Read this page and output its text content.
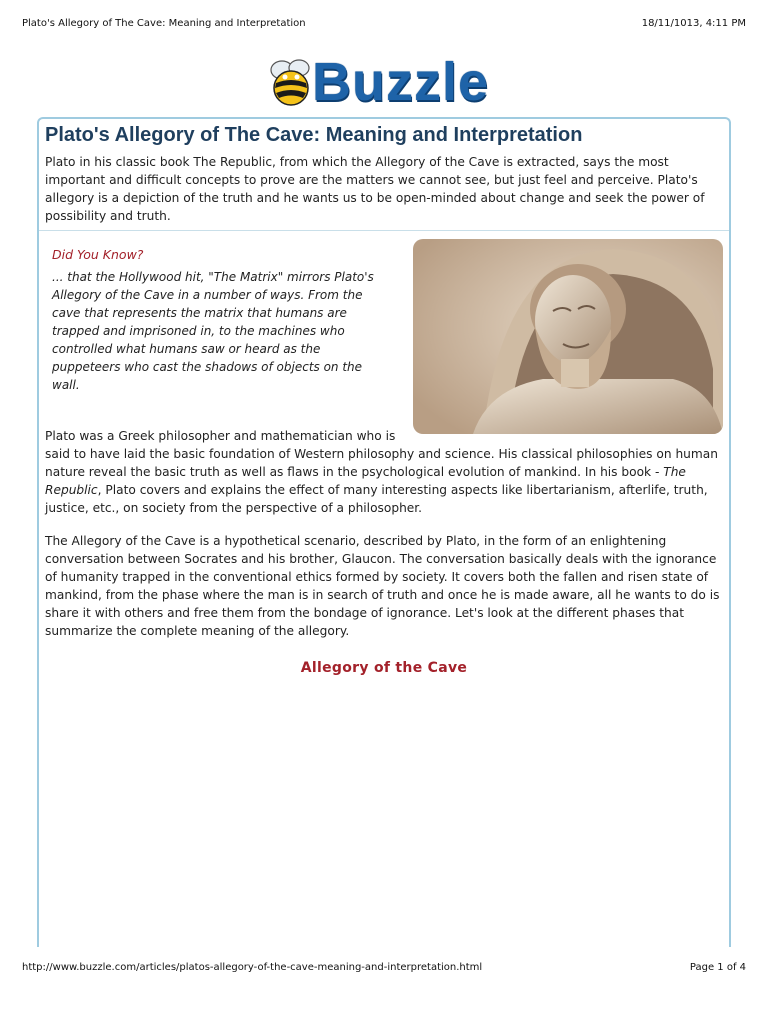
Plato's Allegory of The Cave: Meaning and Interpretation	18/11/1013, 4:11 PM
Buzzle
Plato's Allegory of The Cave: Meaning and Interpretation

Plato in his classic book The Republic, from which the Allegory of the Cave is extracted, says the most important and difficult concepts to prove are the matters we cannot see, but just feel and perceive. Plato's allegory is a depiction of the truth and he wants us to be open-minded about change and seek the power of possibility and truth.

Did You Know?

... that the Hollywood hit, "The Matrix" mirrors Plato's Allegory of the Cave in a number of ways. From the cave that represents the matrix that humans are trapped and imprisoned in, to the machines who controlled what humans saw or heard as the puppeteers who cast the shadows of objects on the wall.

Plato was a Greek philosopher and mathematician who is
said to have laid the basic foundation of Western philosophy and science. His classical philosophies on human nature reveal the basic truth as well as flaws in the psychological evolution of mankind. In his book - The Republic, Plato covers and explains the effect of many interesting aspects like libertarianism, afterlife, truth, justice, etc., on society from the perspective of a philosopher.

The Allegory of the Cave is a hypothetical scenario, described by Plato, in the form of an enlightening conversation between Socrates and his brother, Glaucon. The conversation basically deals with the ignorance of humanity trapped in the conventional ethics formed by society. It covers both the fallen and risen state of mankind, from the phase where the man is in search of truth and once he is made aware, all he wants to do is share it with others and free them from the bondage of ignorance. Let's look at the different phases that summarize the complete meaning of the allegory.

Allegory of the Cave
http://www.buzzle.com/articles/platos-allegory-of-the-cave-meaning-and-interpretation.html	Page 1 of 4
